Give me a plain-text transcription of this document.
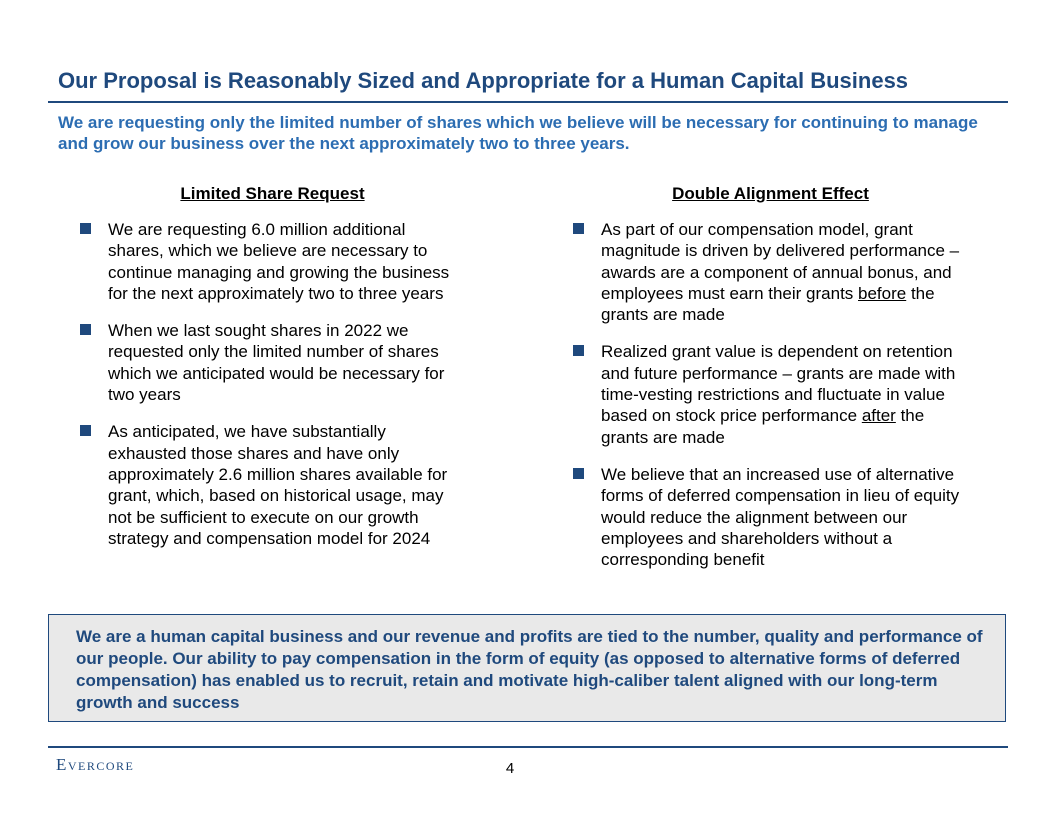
Our Proposal is Reasonably Sized and Appropriate for a Human Capital Business
We are requesting only the limited number of shares which we believe will be necessary for continuing to manage and grow our business over the next approximately two to three years.
Limited Share Request
We are requesting 6.0 million additional shares, which we believe are necessary to continue managing and growing the business for the next approximately two to three years
When we last sought shares in 2022 we requested only the limited number of shares which we anticipated would be necessary for two years
As anticipated, we have substantially exhausted those shares and have only approximately 2.6 million shares available for grant, which, based on historical usage, may not be sufficient to execute on our growth strategy and compensation model for 2024
Double Alignment Effect
As part of our compensation model, grant magnitude is driven by delivered performance – awards are a component of annual bonus, and employees must earn their grants before the grants are made
Realized grant value is dependent on retention and future performance – grants are made with time-vesting restrictions and fluctuate in value based on stock price performance after the grants are made
We believe that an increased use of alternative forms of deferred compensation in lieu of equity would reduce the alignment between our employees and shareholders without a corresponding benefit
We are a human capital business and our revenue and profits are tied to the number, quality and performance of our people. Our ability to pay compensation in the form of equity (as opposed to alternative forms of deferred compensation) has enabled us to recruit, retain and motivate high-caliber talent aligned with our long-term growth and success
Evercore	4
